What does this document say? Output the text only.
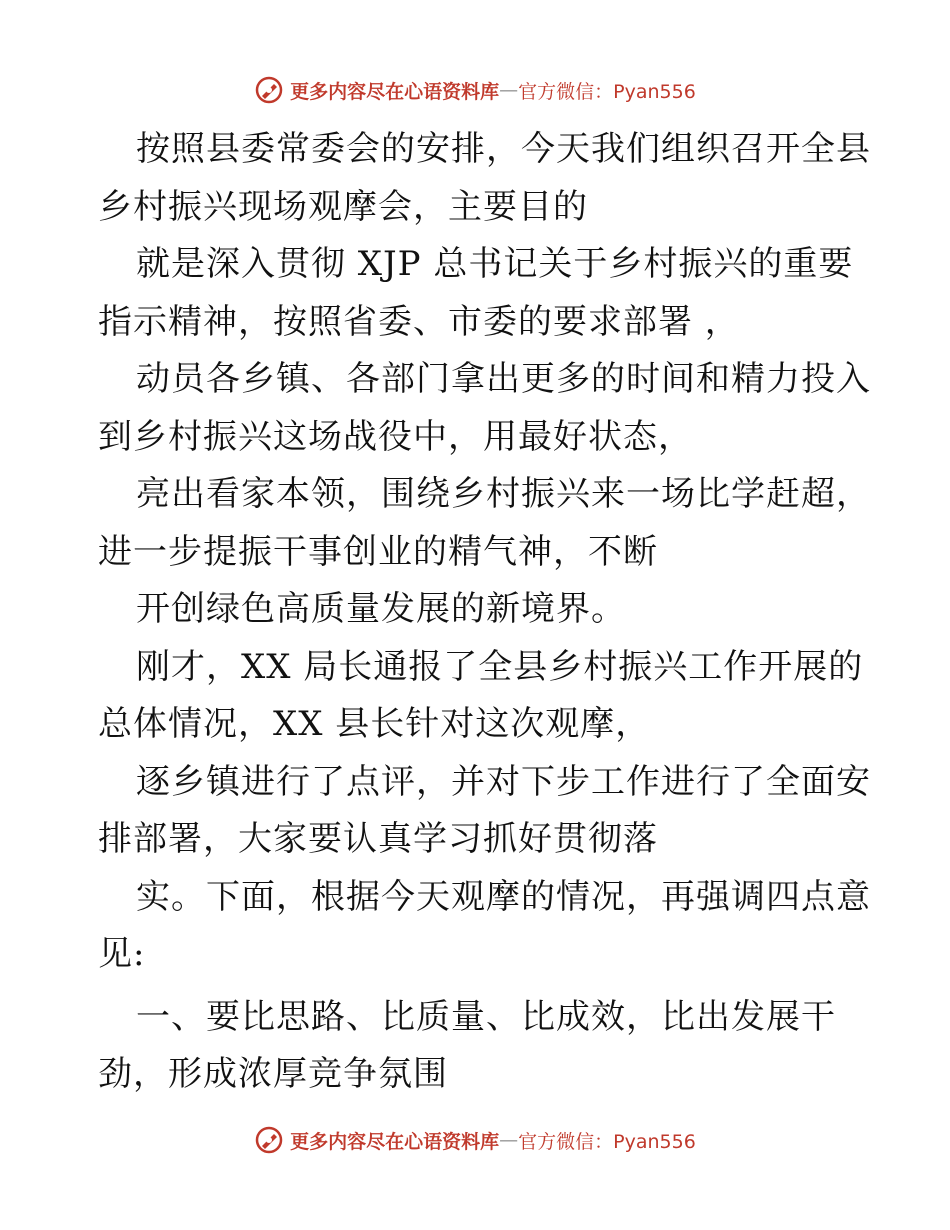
更多内容尽在心语资料库 — 官方微信：Pyan556

按照县委常委会的安排，今天我们组织召开全县

乡村振兴现场观摩会，主要目的

就是深入贯彻 XJP 总书记关于乡村振兴的重要

指示精神，按照省委、市委的要求部署 ，

动员各乡镇、各部门拿出更多的时间和精力投入

到乡村振兴这场战役中，用最好状态，

亮出看家本领，围绕乡村振兴来一场比学赶超，

进一步提振干事创业的精气神，不断

开创绿色高质量发展的新境界。

刚才，XX 局长通报了全县乡村振兴工作开展的

总体情况，XX 县长针对这次观摩，

逐乡镇进行了点评，并对下步工作进行了全面安

排部署，大家要认真学习抓好贯彻落

实。下面，根据今天观摩的情况，再强调四点意

见:

一、要比思路、比质量、比成效，比出发展干

劲，形成浓厚竞争氛围

更多内容尽在心语资料库 — 官方微信：Pyan556
